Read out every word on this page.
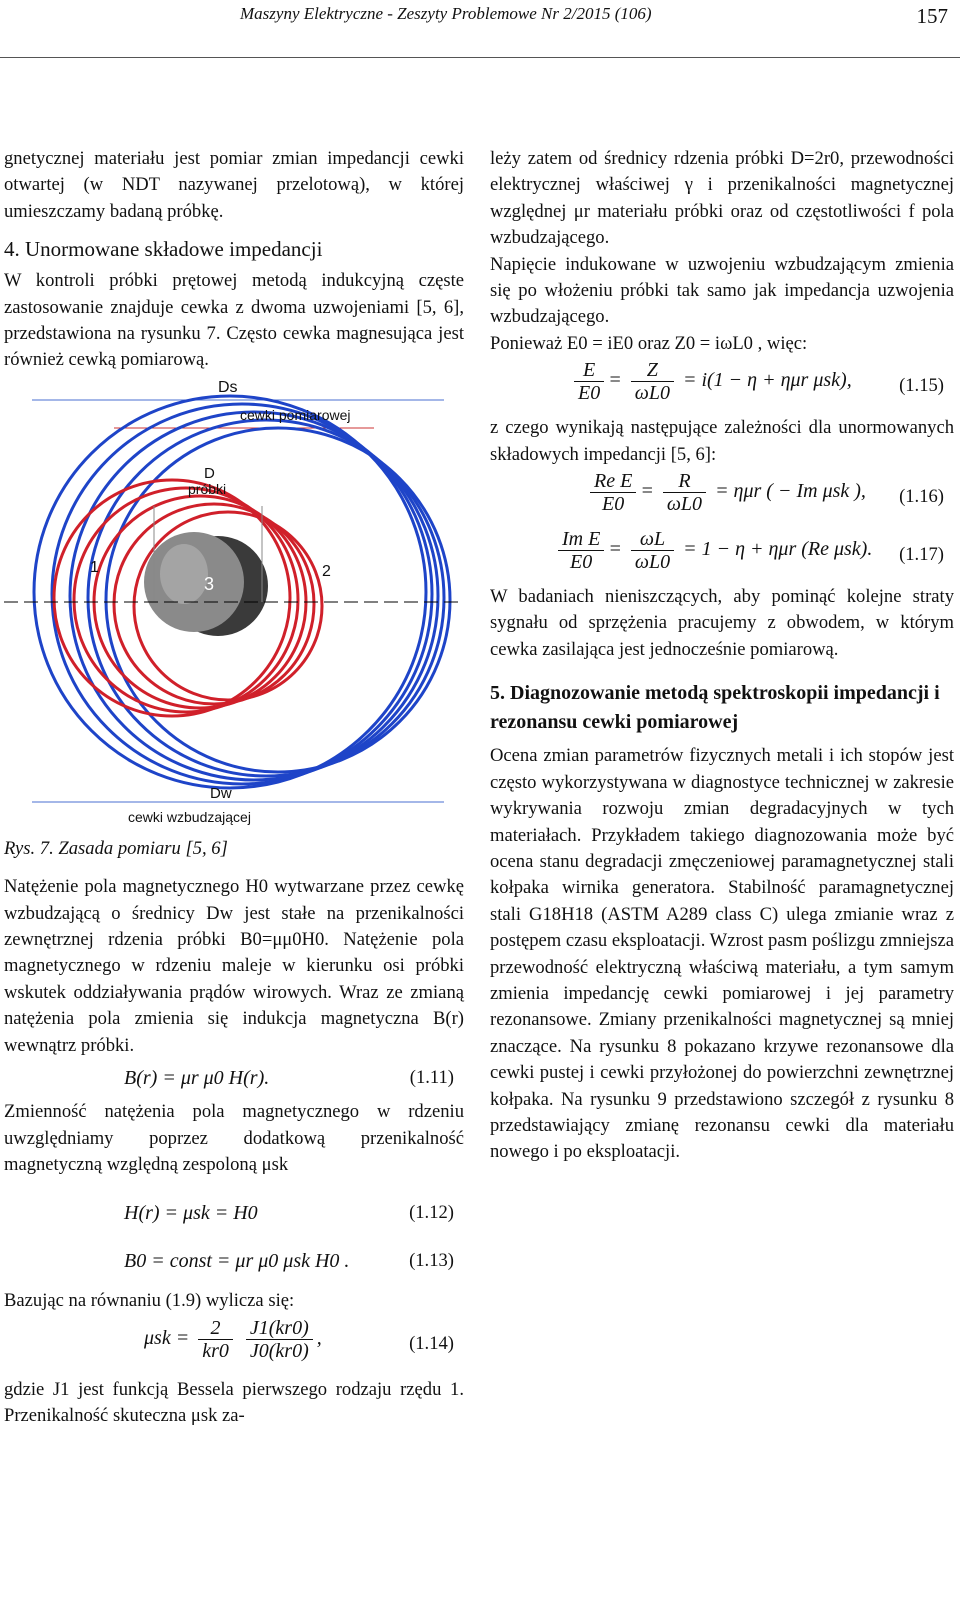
Maszyny Elektryczne - Zeszyty Problemowe Nr 2/2015 (106)	157

gnetycznej materiału jest pomiar zmian impedancji cewki otwartej (w NDT nazywanej przelotową), w której umieszczamy badaną próbkę.

4. Unormowane składowe impedancji

W kontroli próbki prętowej metodą indukcyjną częste zastosowanie znajduje cewka z dwoma uzwojeniami [5, 6], przedstawiona na rysunku 7. Często cewka magnesująca jest również cewką pomiarową.

Ds
cewki pomiarowej
D
próbki
1	2
3
Dw
cewki wzbudzającej
Rys. 7. Zasada pomiaru [5, 6]

Natężenie pola magnetycznego H0 wytwarzane przez cewkę wzbudzającą o średnicy Dw jest stałe na przenikalności zewnętrznej rdzenia próbki B0=μμ0H0. Natężenie pola magnetycznego w rdzeniu maleje w kierunku osi próbki wskutek oddziaływania prądów wirowych. Wraz ze zmianą natężenia pola zmienia się indukcja magnetyczna B(r) wewnątrz próbki.

B(r) = μr μ0 H(r).	(1.11)

Zmienność natężenia pola magnetycznego w rdzeniu uwzględniamy poprzez dodatkową przenikalność magnetyczną względną zespoloną μsk

H(r) = μsk = H0	(1.12)
B0 = const = μr μ0 μsk H0 .	(1.13)

Bazując na równaniu (1.9) wylicza się:

$\mu sk = \frac{2}{kr0}$
$\frac{J1(kr0)}{J0(kr0)}$ ,	(1.14)

gdzie J1 jest funkcją Bessela pierwszego rodzaju rzędu 1. Przenikalność skuteczna μsk za-

leży zatem od średnicy rdzenia próbki D=2r0, przewodności elektrycznej właściwej γ i przenikalności magnetycznej względnej μr materiału próbki oraz od częstotliwości f pola wzbudzającego.

Napięcie indukowane w uzwojeniu wzbudzającym zmienia się po włożeniu próbki tak samo jak impedancja uzwojenia wzbudzającego.

Ponieważ E0 = iE0 oraz Z0 = iωL0 , więc:

$\frac{E}{E0} = \frac{Z}{\omega L0} = i(1 - \eta + \eta\mu r$ μsk),	(1.15)

z czego wynikają następujące zależności dla unormowanych składowych impedancji [5, 6]:

$\frac{\text{Re E}}{E0} = \frac{R}{\omega L0} = \eta\mu r$ ( − Im μsk ), (1.16)
$\frac{\text{Im E}}{E0} = \frac{\omega L}{\omega L0} = 1 - \eta + \eta\mu r$ (Re μsk). (1.17)

W badaniach nieniszczących, aby pominąć kolejne straty sygnału od sprzężenia pracujemy z obwodem, w którym cewka zasilająca jest jednocześnie pomiarową.

5. Diagnozowanie metodą spektroskopii impedancji i rezonansu cewki pomiarowej

Ocena zmian parametrów fizycznych metali i ich stopów jest często wykorzystywana w diagnostyce technicznej w zakresie wykrywania rozwoju zmian degradacyjnych w tych materiałach. Przykładem takiego diagnozowania może być ocena stanu degradacji zmęczeniowej paramagnetycznej stali kołpaka wirnika generatora. Stabilność paramagnetycznej stali G18H18 (ASTM A289 class C) ulega zmianie wraz z postępem czasu eksploatacji. Wzrost pasm poślizgu zmniejsza przewodność elektryczną właściwą materiału, a tym samym zmienia impedancję cewki pomiarowej i jej parametry rezonansowe. Zmiany przenikalności magnetycznej są mniej znaczące. Na rysunku 8 pokazano krzywe rezonansowe dla cewki pustej i cewki przyłożonej do powierzchni zewnętrznej kołpaka. Na rysunku 9 przedstawiono szczegół z rysunku 8 przedstawiający zmianę rezonansu cewki dla materiału nowego i po eksploatacji.
